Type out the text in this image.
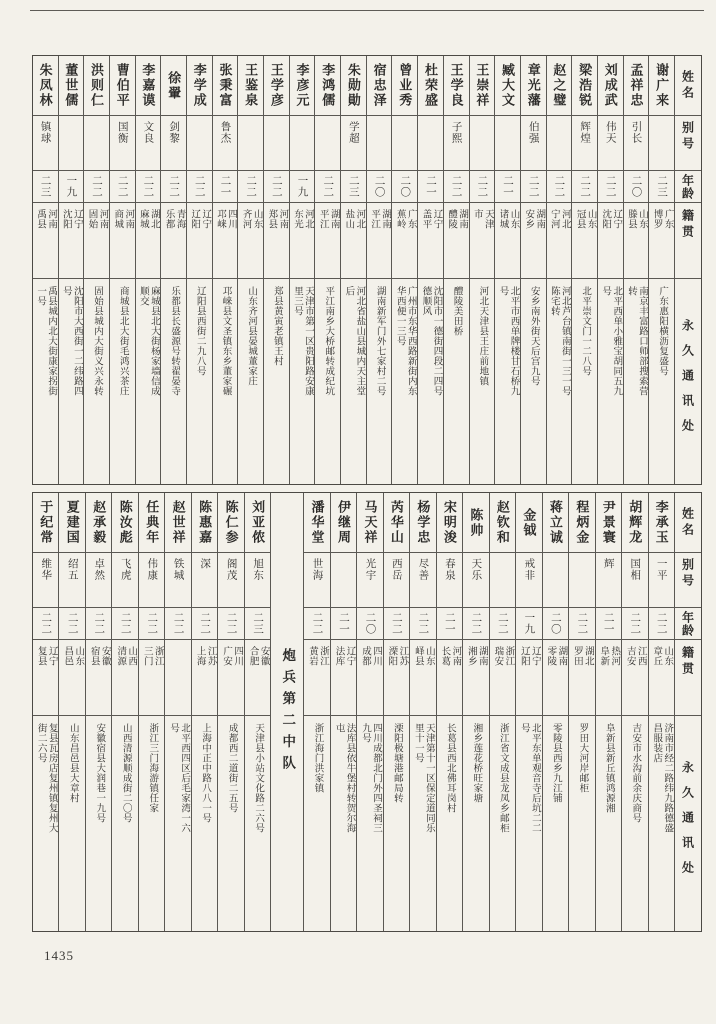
姓名
别号
年龄
籍贯
永久通讯处
谢广来
二三
广东博罗
广东惠阳横沥复盛号
孟祥忠
引长
二〇
山东滕县
南京丰富路口师部搜索营转
刘成武
伟天
二二
辽宁沈阳
北平西单小雅宝胡同五九号
梁浩锐
辉煌
二二
山东冠县
北平崇文门一二八号
赵之璧
二二
河北宁河
河北芦台镇南街一三一号陈宅转
章光藩
伯强
二二
湖南安乡
安乡南外街天后宫九号
臧大文
二一
山东诸城
北平市西单牌楼甘石桥九号
王崇祥
二二
天津市
河北天津县王庄前地镇
王学良
子熙
二二
湖南醴陵
醴陵美田桥
杜荣盛
二一
辽宁盖平
沈阳市一德街四段二四号德顺风
曾业秀
二〇
广东蕉岭
广州市东华西路新街内东华西便一三号
宿忠泽
二〇
湖南平江
湖南新军门外七家村二号
朱勋勛
学超
二三
河北盐山
河北省盐山县城内天主堂后
李鸿儒
二二
湖南平江
平江南乡大桥邮转成纪坑
李彦元
一九
河北东光
天津市第一区贵阳路安康里三号
王学彦
二二
河南郑县
郑县黄寅老镇王村
王鉴泉
二二
山东齐河
山东齐河县晏城董家庄
张秉富
鲁杰
二一
四川邛崃
邛崃县文圣镇东乡董家碾
李学成
二二
辽宁辽阳
辽阳县西街二九八号
徐翬
剑黎
二二
青海乐都
乐都县长盛源号转翟晏寺
李嘉谟
文良
二二
湖北麻城
麻城县北大街杨家墙信成顺交
曹伯平
国衡
二二
河南商城
商城县北大街毛鸿兴茶庄
洪则仁
二二
河南固始
固始县城内大街义兴永转
董世儒
一九
辽宁沈阳
沈阳市大西街一二纬路四号
朱凤林
镇球
二三
河南禹县
禹县城内北大街康家拐街一号
姓名
别号
年龄
籍贯
永久通讯处
李承玉
一平
二二
山东章丘
济南市经二路纬九路德盛昌服装店
胡辉龙
国相
二二
江西吉安
吉安市水沟前余庆商号
尹景寰
辉
二一
热河阜新
阜新县新丘镇鸿源湘
程炳金
二二
湖北罗田
罗田大河岸邮柜
蒋立诚
二〇
湖南零陵
零陵县西乡九江铺
金钺
戒非
一九
辽宁辽阳
北平东单观音寺后坑二二号
赵钦和
二二
浙江瑞安
浙江省文成县龙凤乡邮柜
陈帅
天乐
二二
湖南湘乡
湘乡莲花桥旺家塘
宋明浚
春泉
二一
河南长葛
长葛县西北佛耳岗村
杨学忠
尽善
二二
山东峄县
天津第十一区保定道同乐里十一号
芮华山
西岳
二二
江苏溧阳
溧阳极塘港邮局转
马天祥
光宇
二〇
四川成都
四川成都北门外四圣祠三九号
伊继周
二一
辽宁法库
法库县依牛堡村转贺尔海屯
潘华堂
世海
二二
浙江黄岩
浙江海门洪家镇
炮兵第二中队
刘亚侬
旭东
二三
安徽合肥
天津县小站文化路二六号
陈仁参
阁茂
二二
四川广安
成都西二道街二五号
陈惠嘉
深
二二
江苏上海
上海中正中路八八一号
赵世祥
铁城
二二
北平西四区后毛家湾一六号
任典年
伟康
二二
浙江三门
浙江三门海游镇任家
陈汝彪
飞虎
二二
山西清源
山西清源顺成街二〇号
赵承毅
卓然
二二
安徽宿县
安徽宿县大润巷一九号
夏建国
绍五
二二
山东昌邑
山东昌邑县大章村
于纪常
维华
二二
辽宁复县
复县瓦房店复州镇复州大街二六号
1435
